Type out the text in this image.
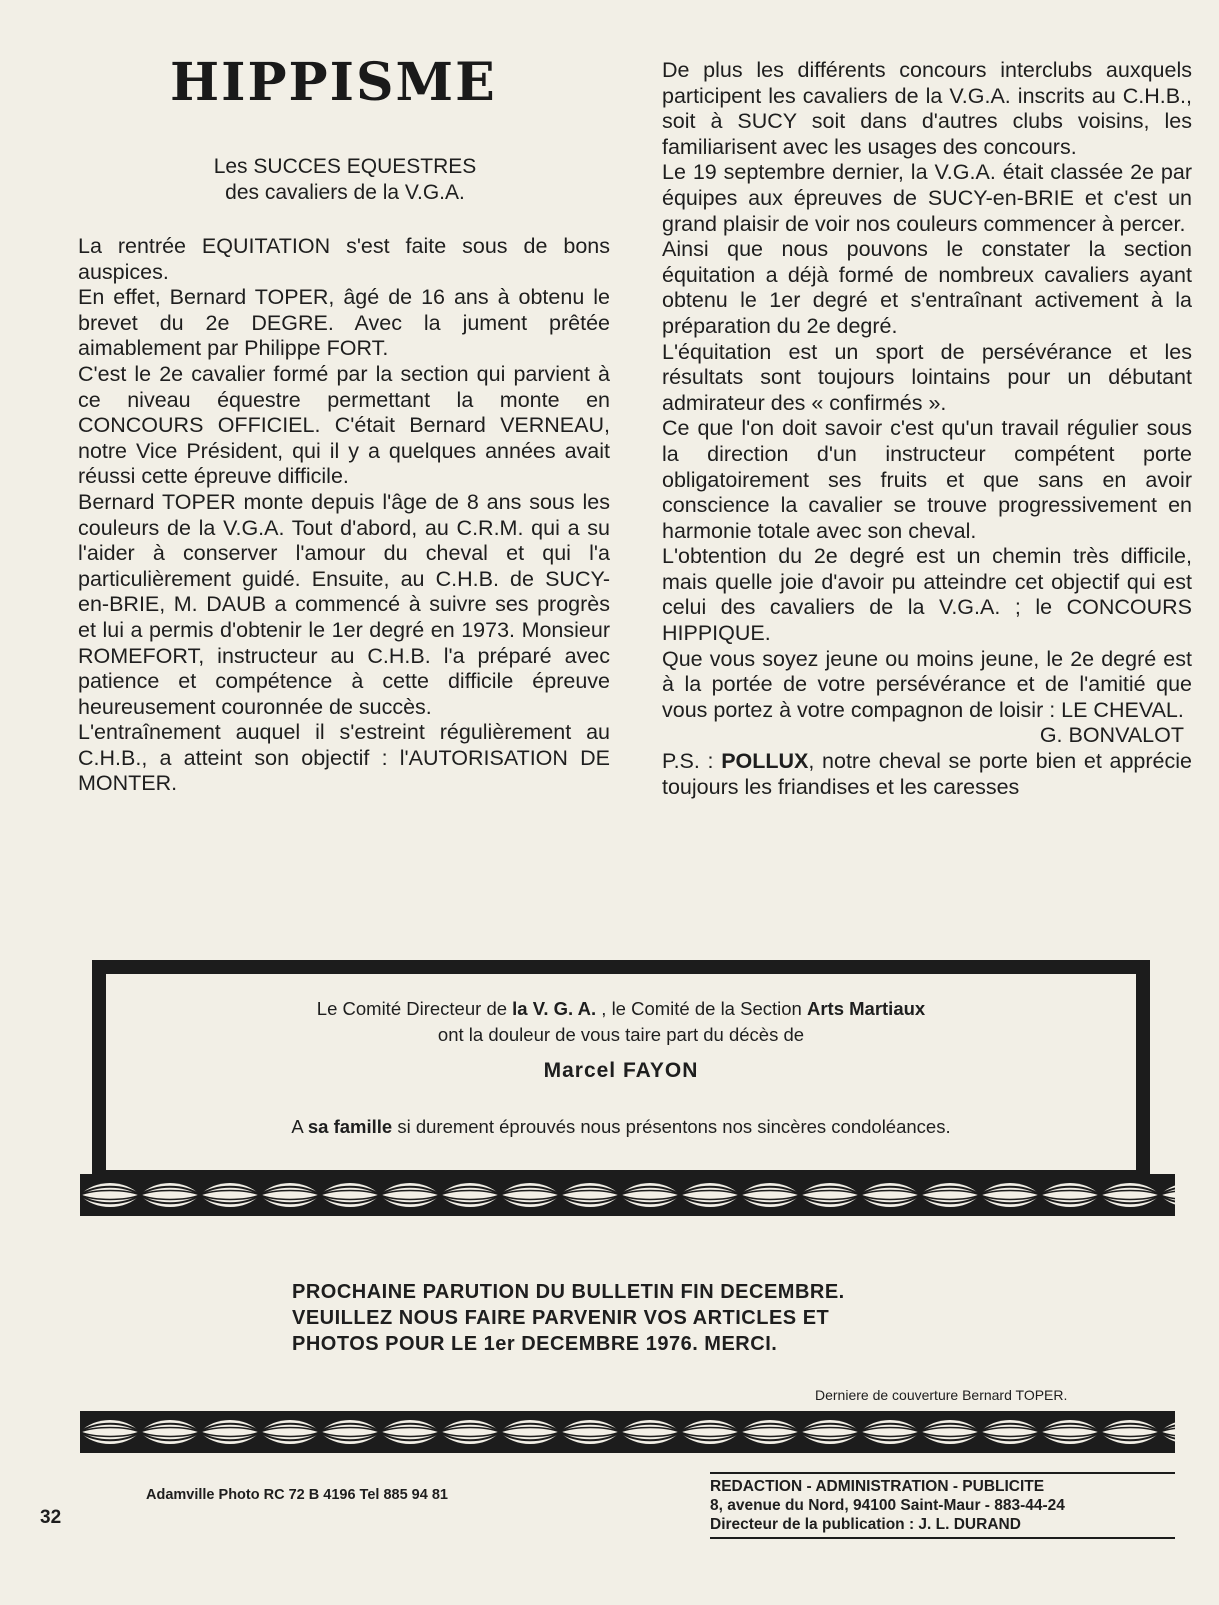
HIPPISME
Les SUCCES EQUESTRES
des cavaliers de la V.G.A.

La rentrée EQUITATION s'est faite sous de bons auspices.

En effet, Bernard TOPER, âgé de 16 ans à obtenu le brevet du 2e DEGRE. Avec la jument prêtée aimablement par Philippe FORT.

C'est le 2e cavalier formé par la section qui parvient à ce niveau équestre permettant la monte en CONCOURS OFFICIEL. C'était Bernard VERNEAU, notre Vice Président, qui il y a quelques années avait réussi cette épreuve difficile.

Bernard TOPER monte depuis l'âge de 8 ans sous les couleurs de la V.G.A. Tout d'abord, au C.R.M. qui a su l'aider à conserver l'amour du cheval et qui l'a particulièrement guidé. Ensuite, au C.H.B. de SUCY-en-BRIE, M. DAUB a commencé à suivre ses progrès et lui a permis d'obtenir le 1er degré en 1973. Monsieur ROMEFORT, instructeur au C.H.B. l'a préparé avec patience et compétence à cette difficile épreuve heureusement couronnée de succès.

L'entraînement auquel il s'estreint régulièrement au C.H.B., a atteint son objectif : l'AUTORISATION DE MONTER.

De plus les différents concours interclubs auxquels participent les cavaliers de la V.G.A. inscrits au C.H.B., soit à SUCY soit dans d'autres clubs voisins, les familiarisent avec les usages des concours.

Le 19 septembre dernier, la V.G.A. était classée 2e par équipes aux épreuves de SUCY-en-BRIE et c'est un grand plaisir de voir nos couleurs commencer à percer.

Ainsi que nous pouvons le constater la section équitation a déjà formé de nombreux cavaliers ayant obtenu le 1er degré et s'entraînant activement à la préparation du 2e degré.

L'équitation est un sport de persévérance et les résultats sont toujours lointains pour un débutant admirateur des « confirmés ».

Ce que l'on doit savoir c'est qu'un travail régulier sous la direction d'un instructeur compétent porte obligatoirement ses fruits et que sans en avoir conscience la cavalier se trouve progressivement en harmonie totale avec son cheval.

L'obtention du 2e degré est un chemin très difficile, mais quelle joie d'avoir pu atteindre cet objectif qui est celui des cavaliers de la V.G.A. ; le CONCOURS HIPPIQUE.

Que vous soyez jeune ou moins jeune, le 2e degré est à la portée de votre persévérance et de l'amitié que vous portez à votre compagnon de loisir : LE CHEVAL.

G. BONVALOT

P.S. : POLLUX, notre cheval se porte bien et apprécie toujours les friandises et les caresses

Le Comité Directeur de la V. G. A. , le Comité de la Section Arts Martiaux
ont la douleur de vous taire part du décès de
Marcel FAYON
A sa famille si durement éprouvés nous présentons nos sincères condoléances.

PROCHAINE PARUTION DU BULLETIN FIN DECEMBRE.

VEUILLEZ NOUS FAIRE PARVENIR VOS ARTICLES ET

PHOTOS POUR LE 1er DECEMBRE 1976. MERCI.

Derniere de couverture Bernard TOPER.
Adamville Photo RC 72 B 4196 Tel 885 94 81	REDACTION - ADMINISTRATION - PUBLICITE
8, avenue du Nord, 94100 Saint-Maur - 883-44-24
Directeur de la publication : J. L. DURAND
32
